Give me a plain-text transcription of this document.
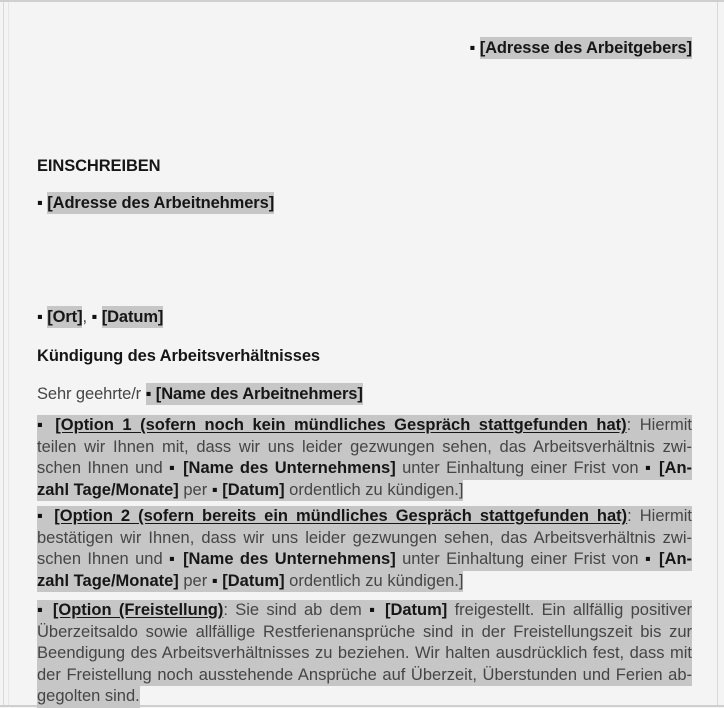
▪ [Adresse des Arbeitgebers]
EINSCHREIBEN
▪ [Adresse des Arbeitnehmers]
▪ [Ort], ▪ [Datum]
Kündigung des Arbeitsverhältnisses
Sehr geehrte/r ▪ [Name des Arbeitnehmers]
▪ [Option 1 (sofern noch kein mündliches Gespräch stattgefunden hat): Hiermit
teilen wir Ihnen mit, dass wir uns leider gezwungen sehen, das Arbeitsverhältnis zwi-
schen Ihnen und ▪ [Name des Unternehmens] unter Einhaltung einer Frist von ▪ [An-
zahl Tage/Monate] per ▪ [Datum] ordentlich zu kündigen.]
▪ [Option 2 (sofern bereits ein mündliches Gespräch stattgefunden hat): Hiermit
bestätigen wir Ihnen, dass wir uns leider gezwungen sehen, das Arbeitsverhältnis zwi-
schen Ihnen und ▪ [Name des Unternehmens] unter Einhaltung einer Frist von ▪ [An-
zahl Tage/Monate] per ▪ [Datum] ordentlich zu kündigen.]
▪ [Option (Freistellung): Sie sind ab dem ▪ [Datum] freigestellt. Ein allfällig positiver
Überzeitsaldo sowie allfällige Restferienansprüche sind in der Freistellungszeit bis zur
Beendigung des Arbeitsverhältnisses zu beziehen. Wir halten ausdrücklich fest, dass mit
der Freistellung noch ausstehende Ansprüche auf Überzeit, Überstunden und Ferien ab-
gegolten sind.
